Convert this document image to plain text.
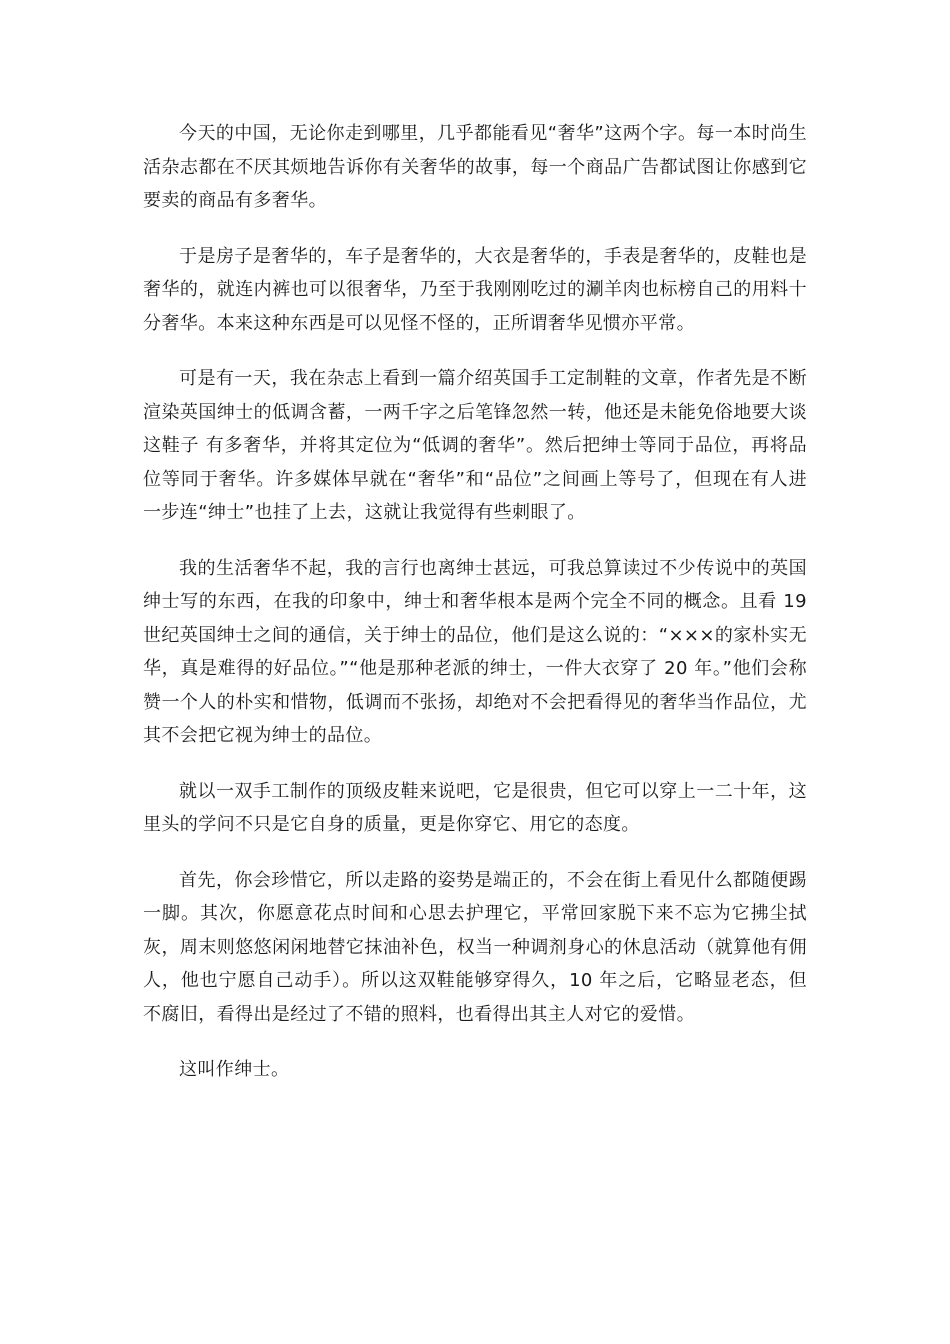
今天的中国，无论你走到哪里，几乎都能看见“奢华”这两个字。每一本时尚生活杂志都在不厌其烦地告诉你有关奢华的故事，每一个商品广告都试图让你感到它要卖的商品有多奢华。

于是房子是奢华的，车子是奢华的，大衣是奢华的，手表是奢华的，皮鞋也是奢华的，就连内裤也可以很奢华，乃至于我刚刚吃过的涮羊肉也标榜自己的用料十分奢华。本来这种东西是可以见怪不怪的，正所谓奢华见惯亦平常。

可是有一天，我在杂志上看到一篇介绍英国手工定制鞋的文章，作者先是不断渲染英国绅士的低调含蓄，一两千字之后笔锋忽然一转，他还是未能免俗地要大谈这鞋子 有多奢华，并将其定位为“低调的奢华”。然后把绅士等同于品位，再将品位等同于奢华。许多媒体早就在“奢华”和“品位”之间画上等号了，但现在有人进一步连“绅士”也挂了上去，这就让我觉得有些刺眼了。

我的生活奢华不起，我的言行也离绅士甚远，可我总算读过不少传说中的英国绅士写的东西，在我的印象中，绅士和奢华根本是两个完全不同的概念。且看 19 世纪英国绅士之间的通信，关于绅士的品位，他们是这么说的：“×××的家朴实无华，真是难得的好品位。”“他是那种老派的绅士，一件大衣穿了 20 年。”他们会称赞一个人的朴实和惜物，低调而不张扬，却绝对不会把看得见的奢华当作品位，尤其不会把它视为绅士的品位。

就以一双手工制作的顶级皮鞋来说吧，它是很贵，但它可以穿上一二十年，这里头的学问不只是它自身的质量，更是你穿它、用它的态度。

首先，你会珍惜它，所以走路的姿势是端正的，不会在街上看见什么都随便踢一脚。其次，你愿意花点时间和心思去护理它，平常回家脱下来不忘为它拂尘拭灰，周末则悠悠闲闲地替它抹油补色，权当一种调剂身心的休息活动（就算他有佣人，他也宁愿自己动手）。所以这双鞋能够穿得久，10 年之后，它略显老态，但不腐旧，看得出是经过了不错的照料，也看得出其主人对它的爱惜。

这叫作绅士。
